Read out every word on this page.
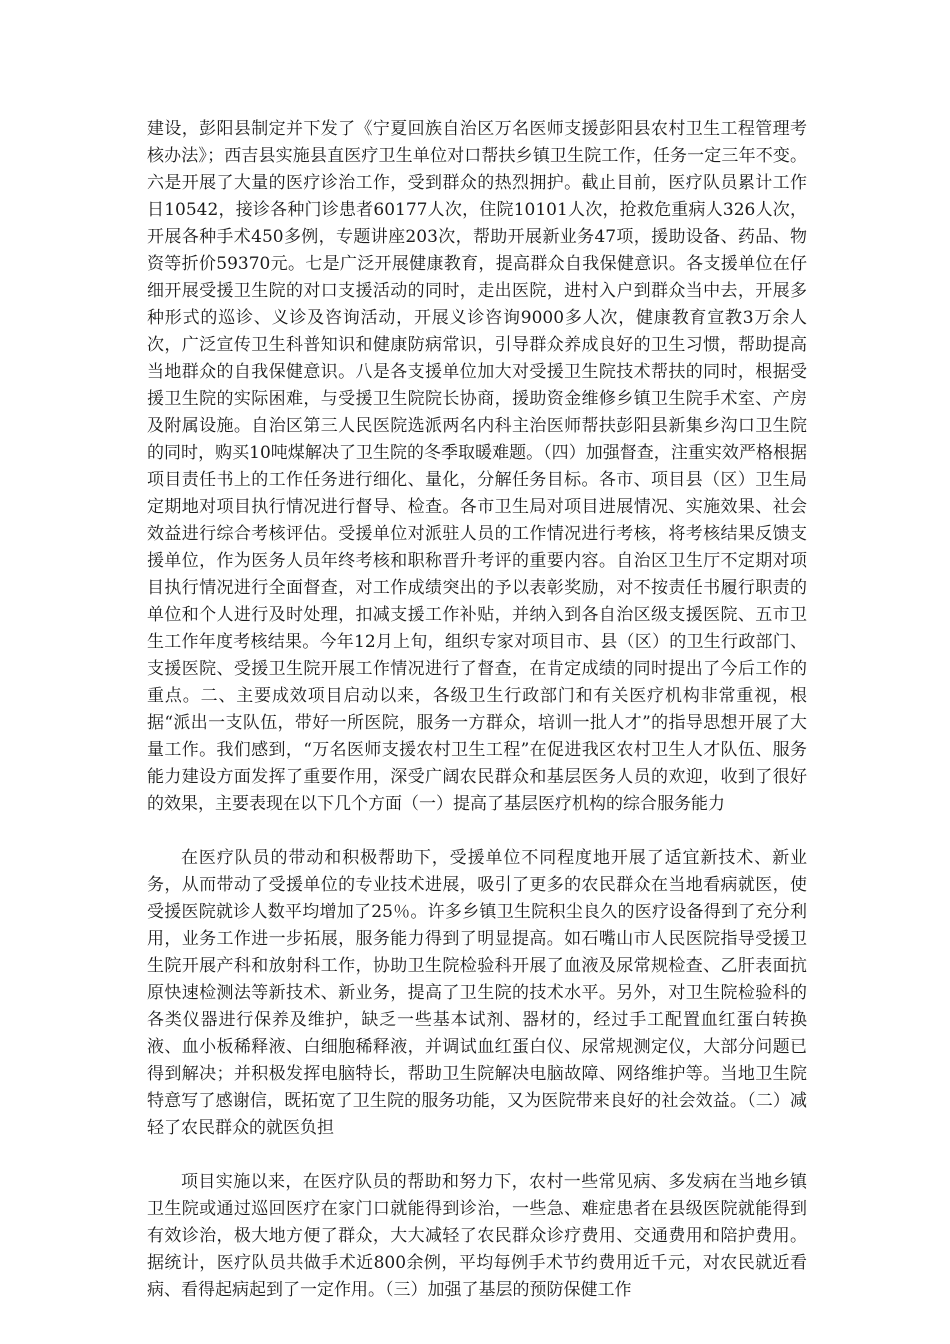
建设，彭阳县制定并下发了《宁夏回族自治区万名医师支援彭阳县农村卫生工程管理考核办法》；西吉县实施县直医疗卫生单位对口帮扶乡镇卫生院工作，任务一定三年不变。六是开展了大量的医疗诊治工作，受到群众的热烈拥护。截止目前，医疗队员累计工作日10542，接诊各种门诊患者60177人次，住院10101人次，抢救危重病人326人次，开展各种手术450多例，专题讲座203次，帮助开展新业务47项，援助设备、药品、物资等折价59370元。七是广泛开展健康教育，提高群众自我保健意识。各支援单位在仔细开展受援卫生院的对口支援活动的同时，走出医院，进村入户到群众当中去，开展多种形式的巡诊、义诊及咨询活动，开展义诊咨询9000多人次，健康教育宣教3万余人次，广泛宣传卫生科普知识和健康防病常识，引导群众养成良好的卫生习惯，帮助提高当地群众的自我保健意识。八是各支援单位加大对受援卫生院技术帮扶的同时，根据受援卫生院的实际困难，与受援卫生院院长协商，援助资金维修乡镇卫生院手术室、产房及附属设施。自治区第三人民医院选派两名内科主治医师帮扶彭阳县新集乡沟口卫生院的同时，购买10吨煤解决了卫生院的冬季取暖难题。（四）加强督查，注重实效严格根据项目责任书上的工作任务进行细化、量化，分解任务目标。各市、项目县（区）卫生局定期地对项目执行情况进行督导、检查。各市卫生局对项目进展情况、实施效果、社会效益进行综合考核评估。受援单位对派驻人员的工作情况进行考核，将考核结果反馈支援单位，作为医务人员年终考核和职称晋升考评的重要内容。自治区卫生厅不定期对项目执行情况进行全面督查，对工作成绩突出的予以表彰奖励，对不按责任书履行职责的单位和个人进行及时处理，扣减支援工作补贴，并纳入到各自治区级支援医院、五市卫生工作年度考核结果。今年12月上旬，组织专家对项目市、县（区）的卫生行政部门、支援医院、受援卫生院开展工作情况进行了督查，在肯定成绩的同时提出了今后工作的重点。二、主要成效项目启动以来，各级卫生行政部门和有关医疗机构非常重视，根据“派出一支队伍，带好一所医院，服务一方群众，培训一批人才”的指导思想开展了大量工作。我们感到，“万名医师支援农村卫生工程”在促进我区农村卫生人才队伍、服务能力建设方面发挥了重要作用，深受广阔农民群众和基层医务人员的欢迎，收到了很好的效果，主要表现在以下几个方面（一）提高了基层医疗机构的综合服务能力

在医疗队员的带动和积极帮助下，受援单位不同程度地开展了适宜新技术、新业务，从而带动了受援单位的专业技术进展，吸引了更多的农民群众在当地看病就医，使受援医院就诊人数平均增加了25％。许多乡镇卫生院积尘良久的医疗设备得到了充分利用，业务工作进一步拓展，服务能力得到了明显提高。如石嘴山市人民医院指导受援卫生院开展产科和放射科工作，协助卫生院检验科开展了血液及尿常规检查、乙肝表面抗原快速检测法等新技术、新业务，提高了卫生院的技术水平。另外，对卫生院检验科的各类仪器进行保养及维护，缺乏一些基本试剂、器材的，经过手工配置血红蛋白转换液、血小板稀释液、白细胞稀释液，并调试血红蛋白仪、尿常规测定仪，大部分问题已得到解决；并积极发挥电脑特长，帮助卫生院解决电脑故障、网络维护等。当地卫生院特意写了感谢信，既拓宽了卫生院的服务功能，又为医院带来良好的社会效益。（二）减轻了农民群众的就医负担

项目实施以来，在医疗队员的帮助和努力下，农村一些常见病、多发病在当地乡镇卫生院或通过巡回医疗在家门口就能得到诊治，一些急、难症患者在县级医院就能得到有效诊治，极大地方便了群众，大大减轻了农民群众诊疗费用、交通费用和陪护费用。据统计，医疗队员共做手术近800余例，平均每例手术节约费用近千元，对农民就近看病、看得起病起到了一定作用。（三）加强了基层的预防保健工作
